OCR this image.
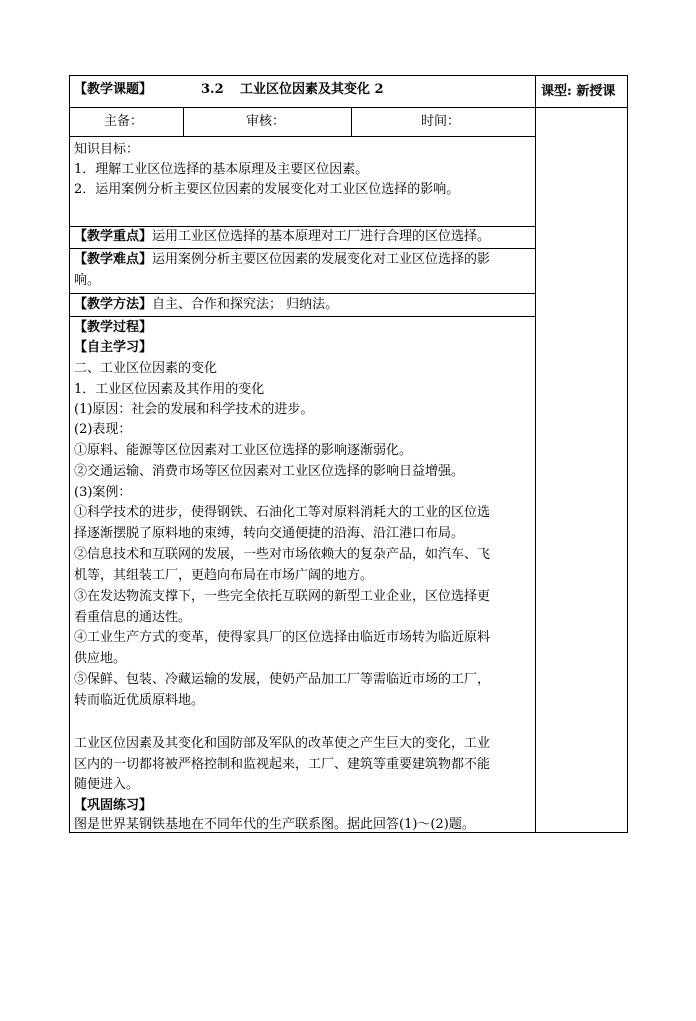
【教学课题】	3.2 工业区位因素及其变化 2	课型: 新授课
主备：	审核：	时间：
知识目标：
1．理解工业区位选择的基本原理及主要区位因素。
2．运用案例分析主要区位因素的发展变化对工业区位选择的影响。
【教学重点】运用工业区位选择的基本原理对工厂进行合理的区位选择。
【教学难点】运用案例分析主要区位因素的发展变化对工业区位选择的影
响。
【教学方法】自主、合作和探究法； 归纳法。
【教学过程】
【自主学习】
二、工业区位因素的变化
1．工业区位因素及其作用的变化
(1)原因：社会的发展和科学技术的进步。
(2)表现：
①原料、能源等区位因素对工业区位选择的影响逐渐弱化。
②交通运输、消费市场等区位因素对工业区位选择的影响日益增强。
(3)案例：
①科学技术的进步，使得钢铁、石油化工等对原料消耗大的工业的区位选
择逐渐摆脱了原料地的束缚，转向交通便捷的沿海、沿江港口布局。
②信息技术和互联网的发展，一些对市场依赖大的复杂产品，如汽车、飞
机等，其组装工厂，更趋向布局在市场广阔的地方。
③在发达物流支撑下，一些完全依托互联网的新型工业企业，区位选择更
看重信息的通达性。
④工业生产方式的变革，使得家具厂的区位选择由临近市场转为临近原料
供应地。
⑤保鲜、包装、冷藏运输的发展，使奶产品加工厂等需临近市场的工厂，
转而临近优质原料地。
工业区位因素及其变化和国防部及军队的改革使之产生巨大的变化，工业
区内的一切都将被严格控制和监视起来，工厂、建筑等重要建筑物都不能
随便进入。
【巩固练习】
图是世界某钢铁基地在不同年代的生产联系图。据此回答(1)～(2)题。
